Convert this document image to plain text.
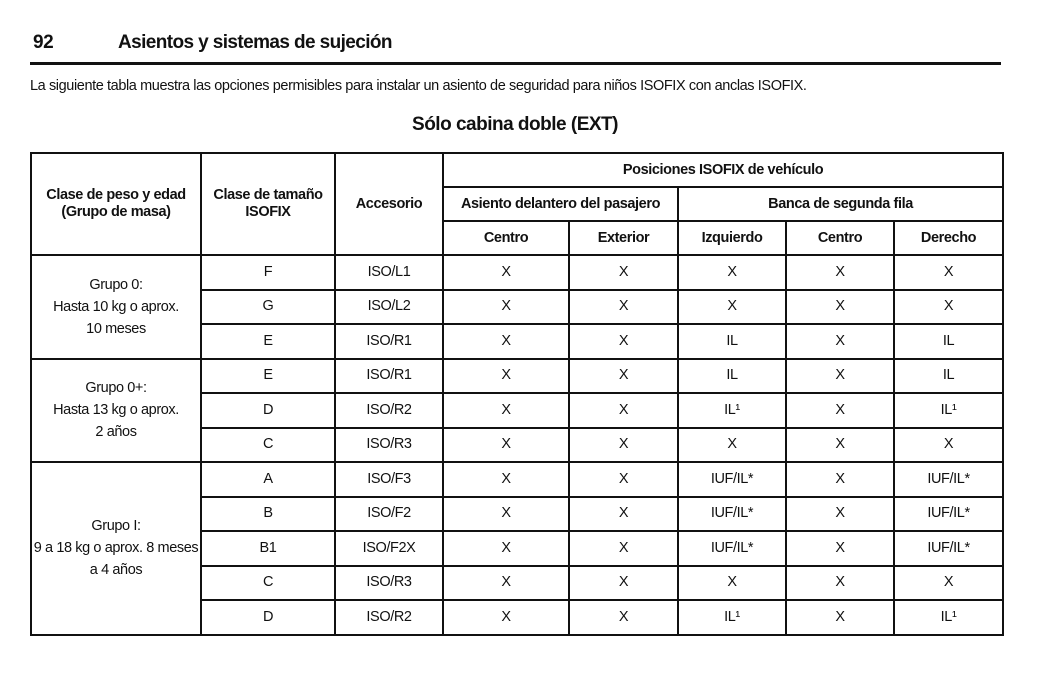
92	Asientos y sistemas de sujeción
La siguiente tabla muestra las opciones permisibles para instalar un asiento de seguridad para niños ISOFIX con anclas ISOFIX.
Sólo cabina doble (EXT)
Clase de peso y edad
(Grupo de masa)	Clase de tamaño
ISOFIX	Accesorio	Posiciones ISOFIX de vehículo				
			Asiento delantero del pasajero		Banca de segunda fila		
			Centro	Exterior	Izquierdo	Centro	Derecho
Grupo 0:
Hasta 10 kg o aprox.
10 meses	F	ISO/L1	X	X	X	X	X
	G	ISO/L2	X	X	X	X	X
	E	ISO/R1	X	X	IL	X	IL
Grupo 0+:
Hasta 13 kg o aprox.
2 años	E	ISO/R1	X	X	IL	X	IL
	D	ISO/R2	X	X	IL¹	X	IL¹
	C	ISO/R3	X	X	X	X	X
Grupo I:
9 a 18 kg o aprox. 8 meses
a 4 años	A	ISO/F3	X	X	IUF/IL*	X	IUF/IL*
	B	ISO/F2	X	X	IUF/IL*	X	IUF/IL*
	B1	ISO/F2X	X	X	IUF/IL*	X	IUF/IL*
	C	ISO/R3	X	X	X	X	X
	D	ISO/R2	X	X	IL¹	X	IL¹
